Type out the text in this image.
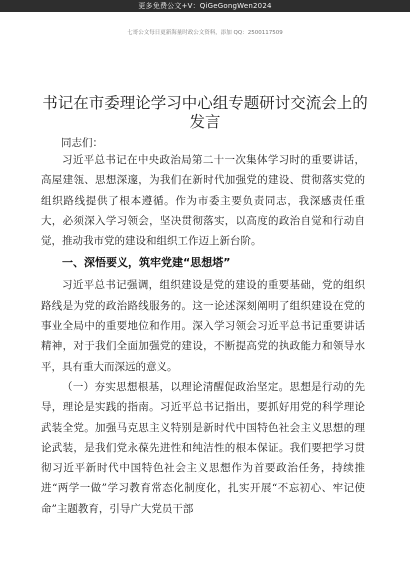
更多免费公文+V：QiGeGongWen2024
七哥公文每日更新海量时政公文资料，添加 QQ：2500117509
书记在市委理论学习中心组专题研讨交流会上的发言
同志们：

习近平总书记在中央政治局第二十一次集体学习时的重要讲话，高屋建瓴、思想深邃，为我们在新时代加强党的建设、贯彻落实党的组织路线提供了根本遵循。作为市委主要负责同志，我深感责任重大，必须深入学习领会，坚决贯彻落实，以高度的政治自觉和行动自觉，推动我市党的建设和组织工作迈上新台阶。

一、深悟要义，筑牢党建“思想塔”

习近平总书记强调，组织建设是党的建设的重要基础，党的组织路线是为党的政治路线服务的。这一论述深刻阐明了组织建设在党的事业全局中的重要地位和作用。深入学习领会习近平总书记重要讲话精神，对于我们全面加强党的建设，不断提高党的执政能力和领导水平，具有重大而深远的意义。

（一）夯实思想根基，以理论清醒促政治坚定。思想是行动的先导，理论是实践的指南。习近平总书记指出，要抓好用党的科学理论武装全党。加强马克思主义特别是新时代中国特色社会主义思想的理论武装，是我们党永葆先进性和纯洁性的根本保证。我们要把学习贯彻习近平新时代中国特色社会主义思想作为首要政治任务，持续推进“两学一做”学习教育常态化制度化，扎实开展“不忘初心、牢记使命”主题教育，引导广大党员干部
